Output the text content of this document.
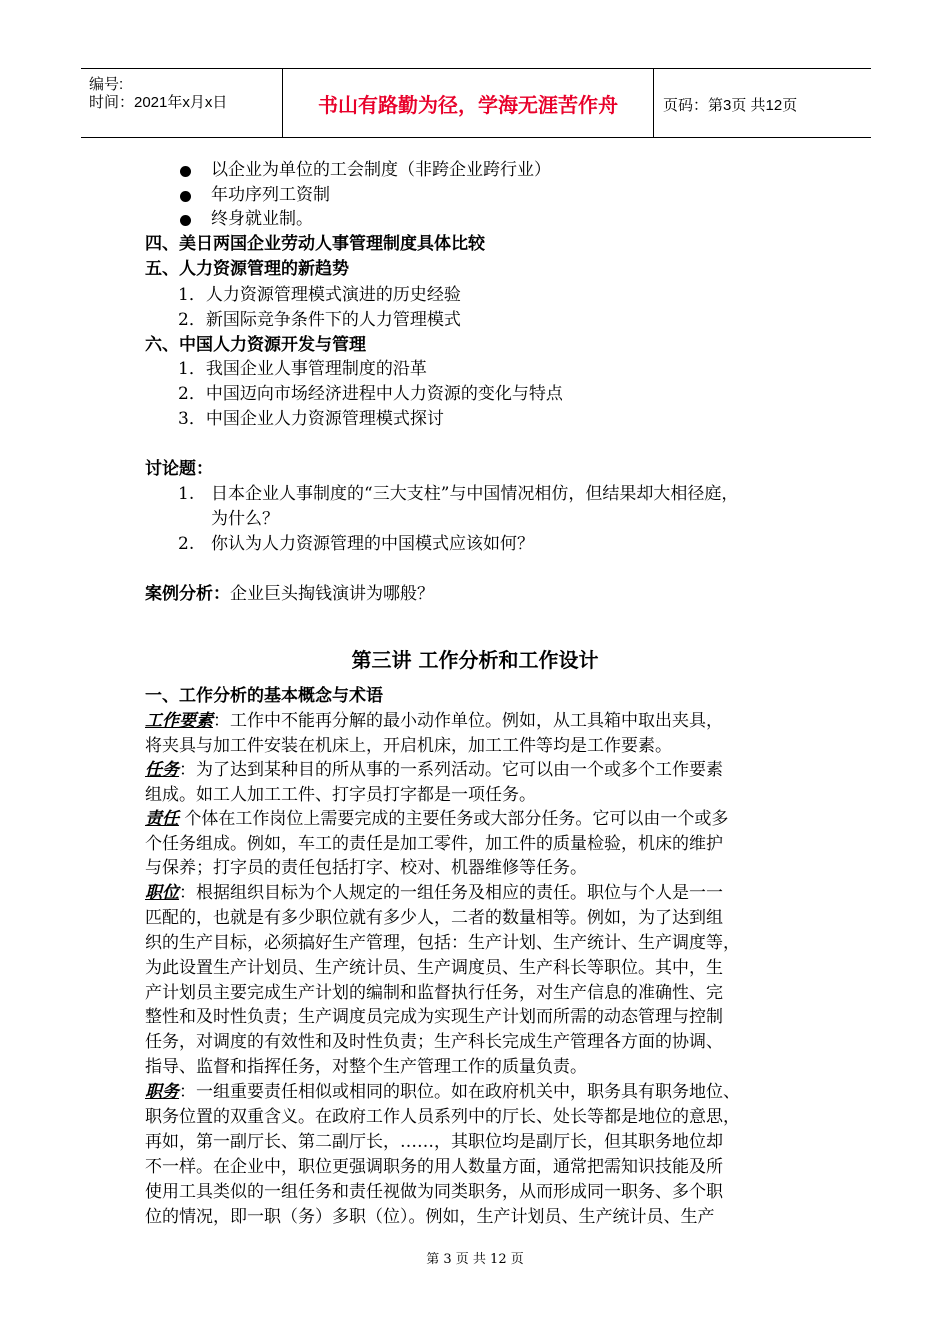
编号:
时间：2021年x月x日	书山有路勤为径，学海无涯苦作舟	页码：第3页 共12页
以企业为单位的工会制度（非跨企业跨行业）
年功序列工资制
终身就业制。
四、美日两国企业劳动人事管理制度具体比较
五、人力资源管理的新趋势
1．人力资源管理模式演进的历史经验
2．新国际竞争条件下的人力管理模式
六、中国人力资源开发与管理
1．我国企业人事管理制度的沿革
2．中国迈向市场经济进程中人力资源的变化与特点
3．中国企业人力资源管理模式探讨
讨论题：
1. 日本企业人事制度的“三大支柱”与中国情况相仿，但结果却大相径庭，
为什么？
2. 你认为人力资源管理的中国模式应该如何？
案例分析：企业巨头掏钱演讲为哪般？
第三讲 工作分析和工作设计
一、工作分析的基本概念与术语
工作要素：工作中不能再分解的最小动作单位。例如，从工具箱中取出夹具，
将夹具与加工件安装在机床上，开启机床，加工工件等均是工作要素。
任务：为了达到某种目的所从事的一系列活动。它可以由一个或多个工作要素
组成。如工人加工工件、打字员打字都是一项任务。
责任 个体在工作岗位上需要完成的主要任务或大部分任务。它可以由一个或多
个任务组成。例如，车工的责任是加工零件，加工件的质量检验，机床的维护
与保养；打字员的责任包括打字、校对、机器维修等任务。
职位：根据组织目标为个人规定的一组任务及相应的责任。职位与个人是一一
匹配的，也就是有多少职位就有多少人，二者的数量相等。例如，为了达到组
织的生产目标，必须搞好生产管理，包括：生产计划、生产统计、生产调度等，
为此设置生产计划员、生产统计员、生产调度员、生产科长等职位。其中，生
产计划员主要完成生产计划的编制和监督执行任务，对生产信息的准确性、完
整性和及时性负责；生产调度员完成为实现生产计划而所需的动态管理与控制
任务，对调度的有效性和及时性负责；生产科长完成生产管理各方面的协调、
指导、监督和指挥任务，对整个生产管理工作的质量负责。
职务：一组重要责任相似或相同的职位。如在政府机关中，职务具有职务地位、
职务位置的双重含义。在政府工作人员系列中的厅长、处长等都是地位的意思，
再如，第一副厅长、第二副厅长，……，其职位均是副厅长，但其职务地位却
不一样。在企业中，职位更强调职务的用人数量方面，通常把需知识技能及所
使用工具类似的一组任务和责任视做为同类职务，从而形成同一职务、多个职
位的情况，即一职（务）多职（位）。例如，生产计划员、生产统计员、生产
第 3 页 共 12 页
